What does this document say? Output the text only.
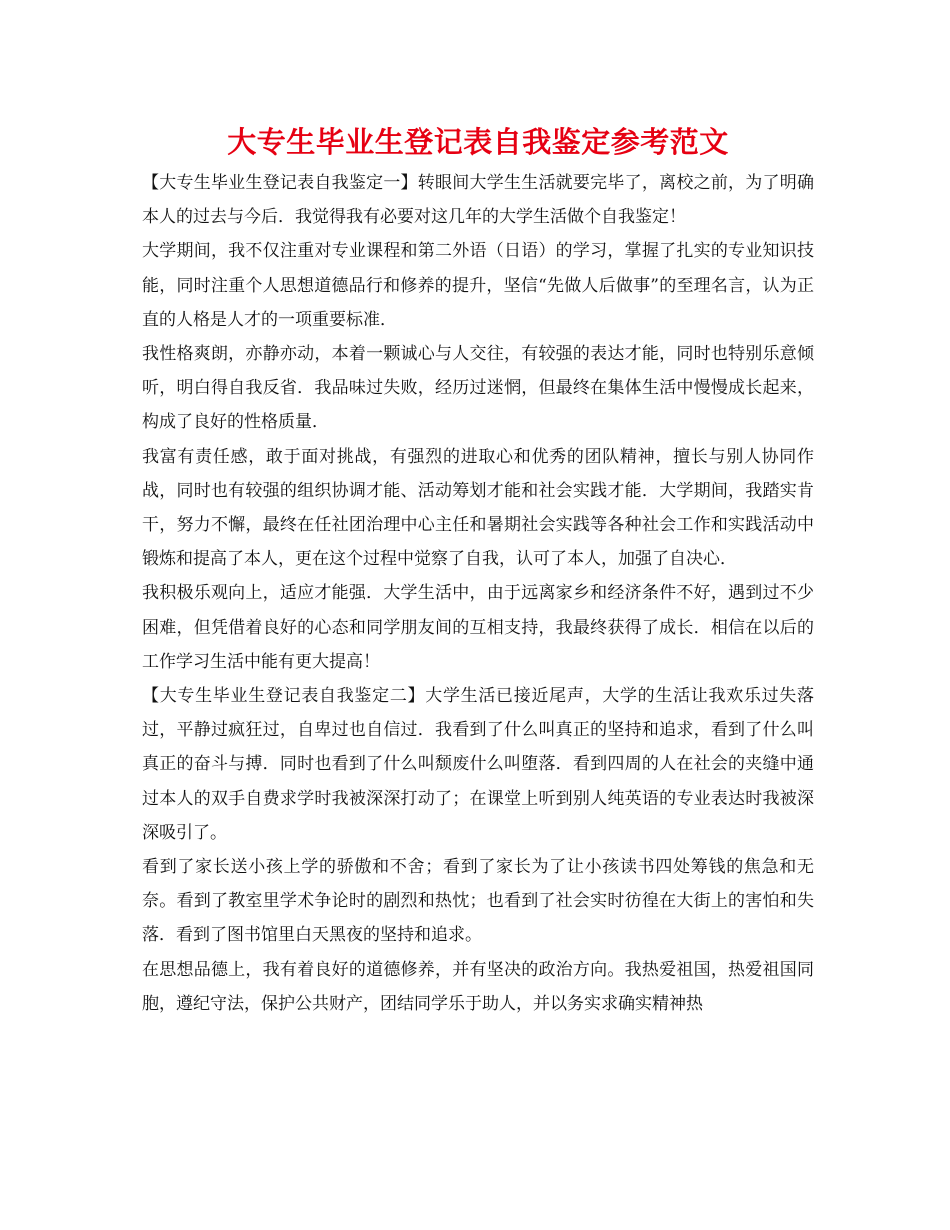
大专生毕业生登记表自我鉴定参考范文

【大专生毕业生登记表自我鉴定一】转眼间大学生生活就要完毕了，离校之前，为了明确本人的过去与今后．我觉得我有必要对这几年的大学生活做个自我鉴定！

大学期间，我不仅注重对专业课程和第二外语（日语）的学习，掌握了扎实的专业知识技能，同时注重个人思想道德品行和修养的提升，坚信“先做人后做事”的至理名言，认为正直的人格是人才的一项重要标准．

我性格爽朗，亦静亦动，本着一颗诚心与人交往，有较强的表达才能，同时也特别乐意倾听，明白得自我反省．我品味过失败，经历过迷惘，但最终在集体生活中慢慢成长起来，构成了良好的性格质量．

我富有责任感，敢于面对挑战，有强烈的进取心和优秀的团队精神，擅长与别人协同作战，同时也有较强的组织协调才能、活动筹划才能和社会实践才能．大学期间，我踏实肯干，努力不懈，最终在任社团治理中心主任和暑期社会实践等各种社会工作和实践活动中锻炼和提高了本人，更在这个过程中觉察了自我，认可了本人，加强了自决心．

我积极乐观向上，适应才能强．大学生活中，由于远离家乡和经济条件不好，遇到过不少困难，但凭借着良好的心态和同学朋友间的互相支持，我最终获得了成长．相信在以后的工作学习生活中能有更大提高！

【大专生毕业生登记表自我鉴定二】大学生活已接近尾声，大学的生活让我欢乐过失落过，平静过疯狂过，自卑过也自信过．我看到了什么叫真正的坚持和追求，看到了什么叫真正的奋斗与搏．同时也看到了什么叫颓废什么叫堕落．看到四周的人在社会的夹缝中通过本人的双手自费求学时我被深深打动了；在课堂上听到别人纯英语的专业表达时我被深深吸引了。

看到了家长送小孩上学的骄傲和不舍；看到了家长为了让小孩读书四处筹钱的焦急和无奈。看到了教室里学术争论时的剧烈和热忱；也看到了社会实时彷徨在大街上的害怕和失落．看到了图书馆里白天黑夜的坚持和追求。

在思想品德上，我有着良好的道德修养，并有坚决的政治方向。我热爱祖国，热爱祖国同胞，遵纪守法，保护公共财产，团结同学乐于助人，并以务实求确实精神热
